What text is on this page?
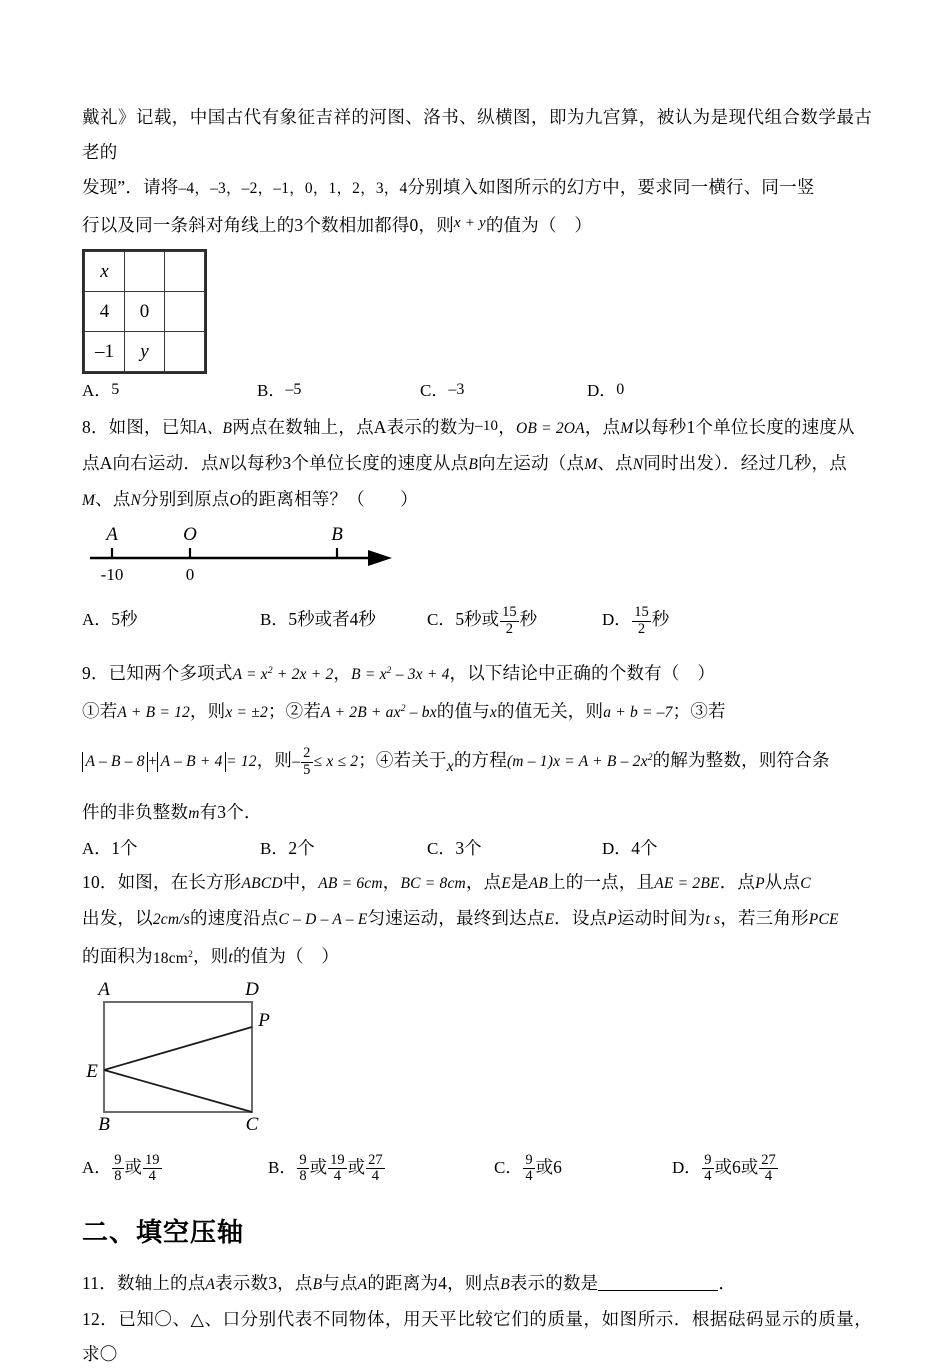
戴礼》记载，中国古代有象征吉祥的河图、洛书、纵横图，即为九宫算，被认为是现代组合数学最古老的

发现”．请将–4，–3，–2，–1，0，1，2，3，4分别填入如图所示的幻方中，要求同一横行、同一竖

行以及同一条斜对角线上的3个数相加都得0，则x + y的值为（　）

x		
4	0	
–1	y	
A．5	B．–5	C．–3	D．0

8．如图，已知A、B两点在数轴上，点A表示的数为–10，OB = 2OA，点M以每秒1个单位长度的速度从

点A向右运动．点N以每秒3个单位长度的速度从点B向左运动（点M、点N同时出发）．经过几秒，点

M、点N分别到原点O的距离相等？（　　）

A	O	B
-10	0
A．5秒	B．5秒或者4秒	C．5秒或 $\frac{15}{2}$ 秒	D． $\frac{15}{2}$ 秒

9．已知两个多项式$A = x^2 + 2x + 2$，$B = x^2 - 3x + 4$，以下结论中正确的个数有（　）

①若A + B = 12，则x = ±2；②若$A + 2B + ax^2$ – bx的值与x的值无关，则a + b = –7；③若

A – B – 8 + A – B + 4 = 12，则– $\frac{2}{5} \le x \le 2$；④若关于x的方程$(m - 1)x = A + B - 2x^2$的解为整数，则符合条

件的非负整数m有3个．

A．1个	B．2个	C．3个	D．4个

10．如图，在长方形ABCD中，AB = 6cm，BC = 8cm，点E是AB上的一点，且AE = 2BE．点P从点C

出发，以2cm/s的速度沿点C – D – A – E匀速运动，最终到达点E．设点P运动时间为t s，若三角形PCE

的面积为$18cm^2$，则t的值为（　）

A	D
B	C
E
P
A． $\frac{9}{8}$ 或 $\frac{19}{4}$	B． $\frac{9}{8}$ 或 $\frac{19}{4}$ 或 $\frac{27}{4}$	C． $\frac{9}{4}$ 或6	D． $\frac{9}{4}$ 或6或 $\frac{27}{4}$
二、填空压轴

11．数轴上的点A表示数3，点B与点A的距离为4，则点B表示的数是	．

12．已知〇、△、口分别代表不同物体，用天平比较它们的质量，如图所示．根据砝码显示的质量，求〇
